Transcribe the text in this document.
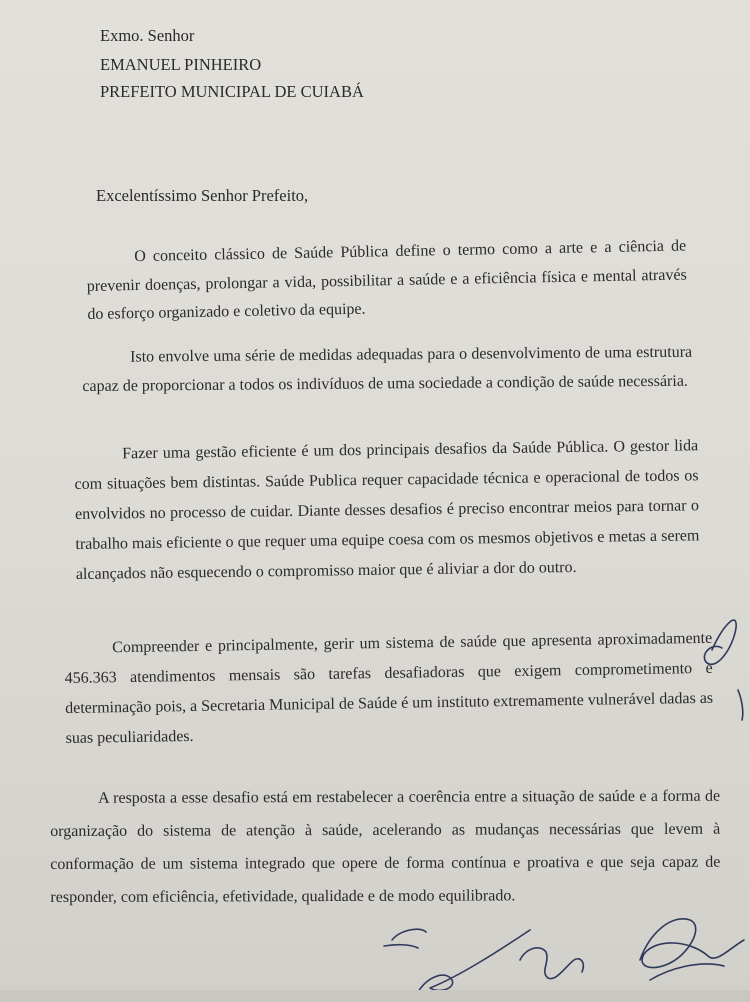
Exmo. Senhor
EMANUEL PINHEIRO
PREFEITO MUNICIPAL DE CUIABÁ
Excelentíssimo Senhor Prefeito,
O conceito clássico de Saúde Pública define o termo como a arte e a ciência de prevenir doenças, prolongar a vida, possibilitar a saúde e a eficiência física e mental através do esforço organizado e coletivo da equipe.
Isto envolve uma série de medidas adequadas para o desenvolvimento de uma estrutura capaz de proporcionar a todos os indivíduos de uma sociedade a condição de saúde necessária.
Fazer uma gestão eficiente é um dos principais desafios da Saúde Pública. O gestor lida com situações bem distintas. Saúde Publica requer capacidade técnica e operacional de todos os envolvidos no processo de cuidar. Diante desses desafios é preciso encontrar meios para tornar o trabalho mais eficiente o que requer uma equipe coesa com os mesmos objetivos e metas a serem alcançados não esquecendo o compromisso maior que é aliviar a dor do outro.
Compreender e principalmente, gerir um sistema de saúde que apresenta aproximadamente 456.363 atendimentos mensais são tarefas desafiadoras que exigem comprometimento e determinação pois, a Secretaria Municipal de Saúde é um instituto extremamente vulnerável dadas as suas peculiaridades.
A resposta a esse desafio está em restabelecer a coerência entre a situação de saúde e a forma de organização do sistema de atenção à saúde, acelerando as mudanças necessárias que levem à conformação de um sistema integrado que opere de forma contínua e proativa e que seja capaz de responder, com eficiência, efetividade, qualidade e de modo equilibrado.
